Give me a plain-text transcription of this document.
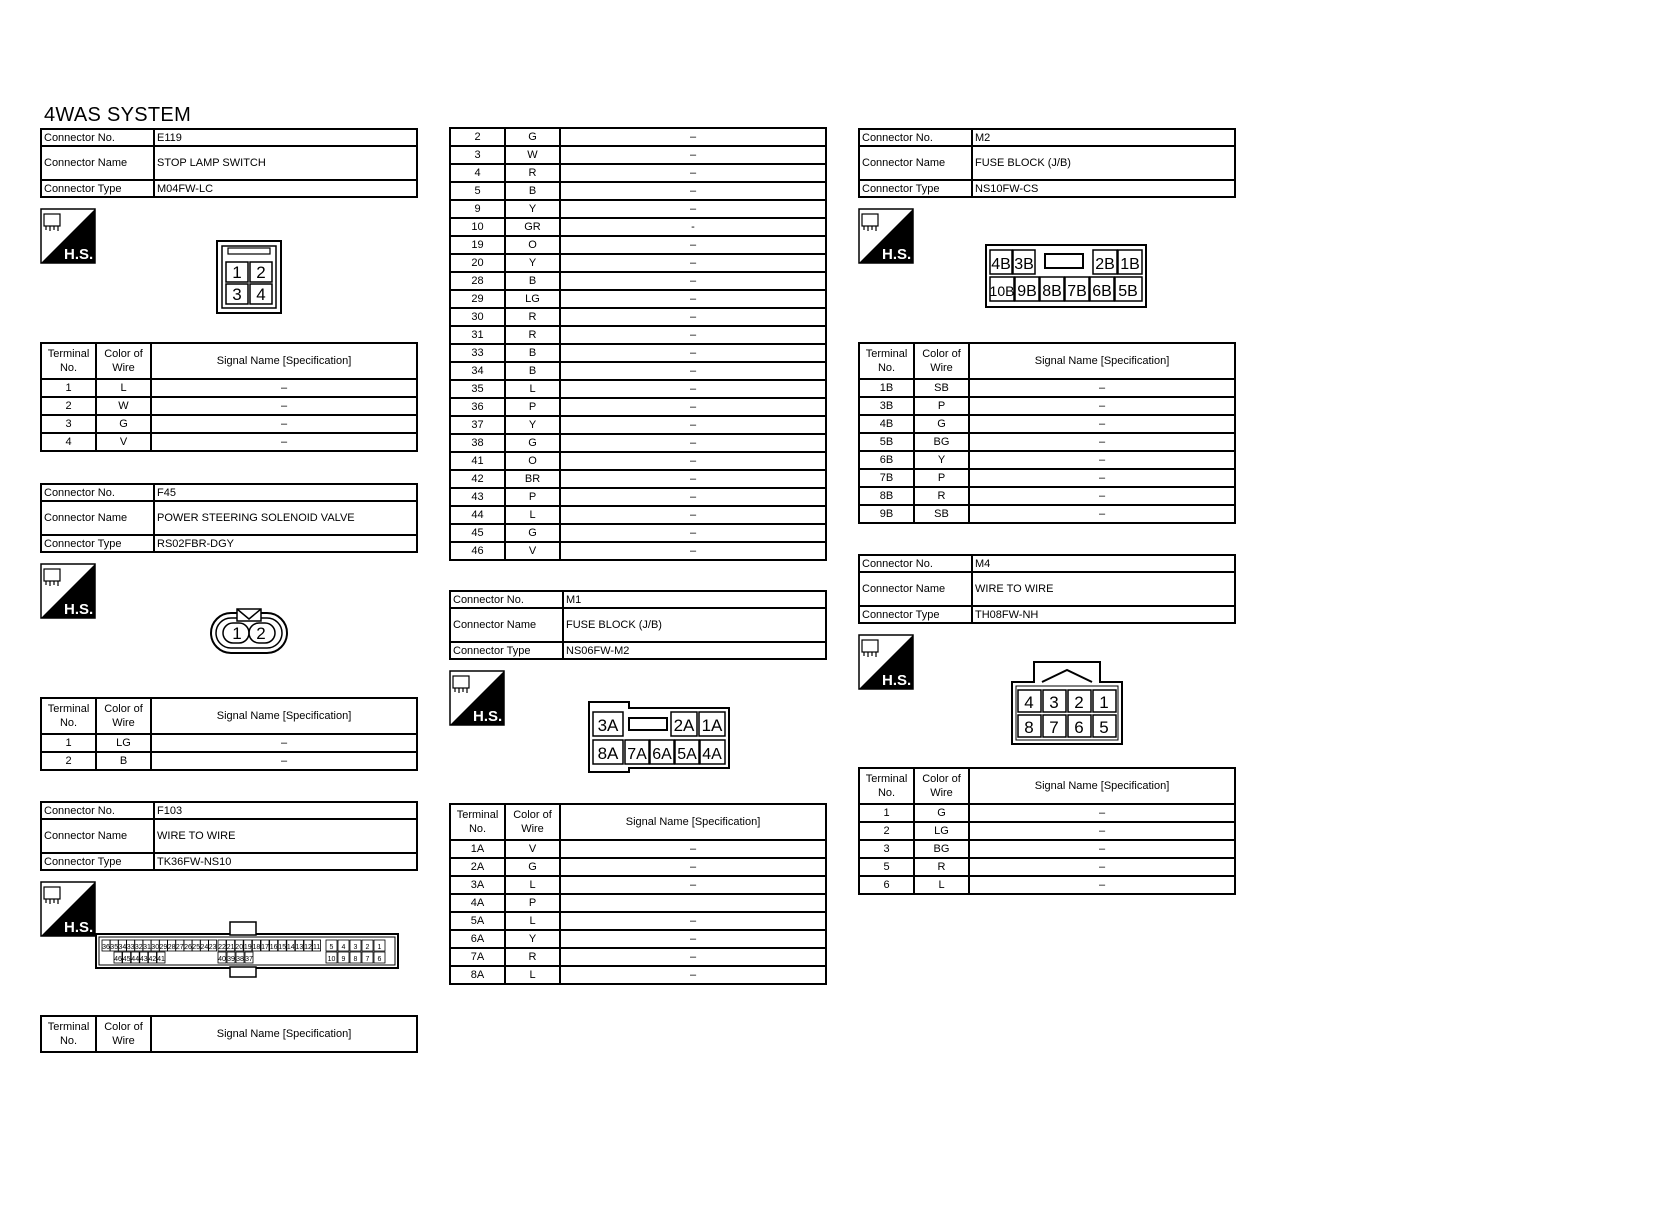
4WAS SYSTEM
Connector No.	E119
Connector Name	STOP LAMP SWITCH
Connector Type	M04FW-LC
H.S.
1 2
3 4
Terminal No.	Color of Wire	Signal Name [Specification]
1	L	–
2	W	–
3	G	–
4	V	–
Connector No.	F45
Connector Name	POWER STEERING SOLENOID VALVE
Connector Type	RS02FBR-DGY
H.S.
1 2
Terminal No.	Color of Wire	Signal Name [Specification]
1	LG	–
2	B	–
Connector No.	F103
Connector Name	WIRE TO WIRE
Connector Type	TK36FW-NS10
H.S.
36 35 34 33 32 31 30 29 28 27 26 25 24 23 22 21 20 19 18 17 16 15 14 13 12 11
46 45 44 43 42 41	40 39 38 37
5 4 3 2 1
10 9 8 7 6
Terminal No.	Color of Wire	Signal Name [Specification]
2	G	–
3	W	–
4	R	–
5	B	–
9	Y	–
10	GR	-
19	O	–
20	Y	–
28	B	–
29	LG	–
30	R	–
31	R	–
33	B	–
34	B	–
35	L	–
36	P	–
37	Y	–
38	G	–
41	O	–
42	BR	–
43	P	–
44	L	–
45	G	–
46	V	–
Connector No.	M1
Connector Name	FUSE BLOCK (J/B)
Connector Type	NS06FW-M2
H.S.	3A	2A 1A
8A 7A 6A 5A 4A
Terminal No.	Color of Wire	Signal Name [Specification]
1A	V	–
2A	G	–
3A	L	–
4A	P	
5A	L	–
6A	Y	–
7A	R	–
8A	L	–
Connector No.	M2
Connector Name	FUSE BLOCK (J/B)
Connector Type	NS10FW-CS
H.S.
4B 3B	2B 1B
10B 9B 8B 7B 6B 5B
Terminal No.	Color of Wire	Signal Name [Specification]
1B	SB	–
3B	P	–
4B	G	–
5B	BG	–
6B	Y	–
7B	P	–
8B	R	–
9B	SB	–
Connector No.	M4
Connector Name	WIRE TO WIRE
Connector Type	TH08FW-NH
H.S.
4 3 2 1
8 7 6 5
Terminal No.	Color of Wire	Signal Name [Specification]
1	G	–
2	LG	–
3	BG	–
5	R	–
6	L	–
